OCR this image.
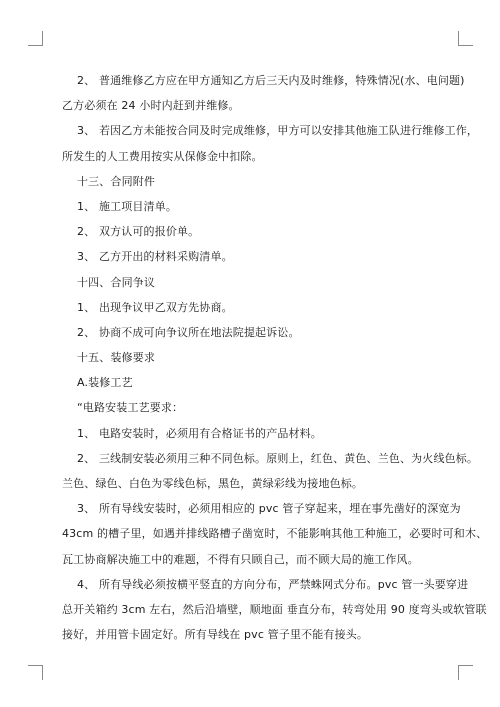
2、 普通维修乙方应在甲方通知乙方后三天内及时维修，特殊情况(水、电问题)
乙方必须在 24 小时内赶到并维修。
3、 若因乙方未能按合同及时完成维修，甲方可以安排其他施工队进行维修工作，
所发生的人工费用按实从保修金中扣除。
十三、合同附件
1、 施工项目清单。
2、 双方认可的报价单。
3、 乙方开出的材料采购清单。
十四、合同争议
1、 出现争议甲乙双方先协商。
2、 协商不成可向争议所在地法院提起诉讼。
十五、装修要求
A.装修工艺
“电路安装工艺要求：
1、 电路安装时，必须用有合格证书的产品材料。
2、 三线制安装必须用三种不同色标。原则上，红色、黄色、兰色、为火线色标。
兰色、绿色、白色为零线色标，黑色，黄绿彩线为接地色标。
3、 所有导线安装时，必须用相应的 pvc 管子穿起来，埋在事先凿好的深宽为
43cm 的槽子里，如遇并排线路槽子凿宽时，不能影响其他工种施工，必要时可和木、
瓦工协商解决施工中的难题，不得有只顾自己，而不顾大局的施工作风。
4、 所有导线必须按横平竖直的方向分布，严禁蛛网式分布。pvc 管一头要穿进
总开关箱约 3cm 左右，然后沿墙壁，顺地面 垂直分布，转弯处用 90 度弯头或软管联
接好，并用管卡固定好。所有导线在 pvc 管子里不能有接头。
